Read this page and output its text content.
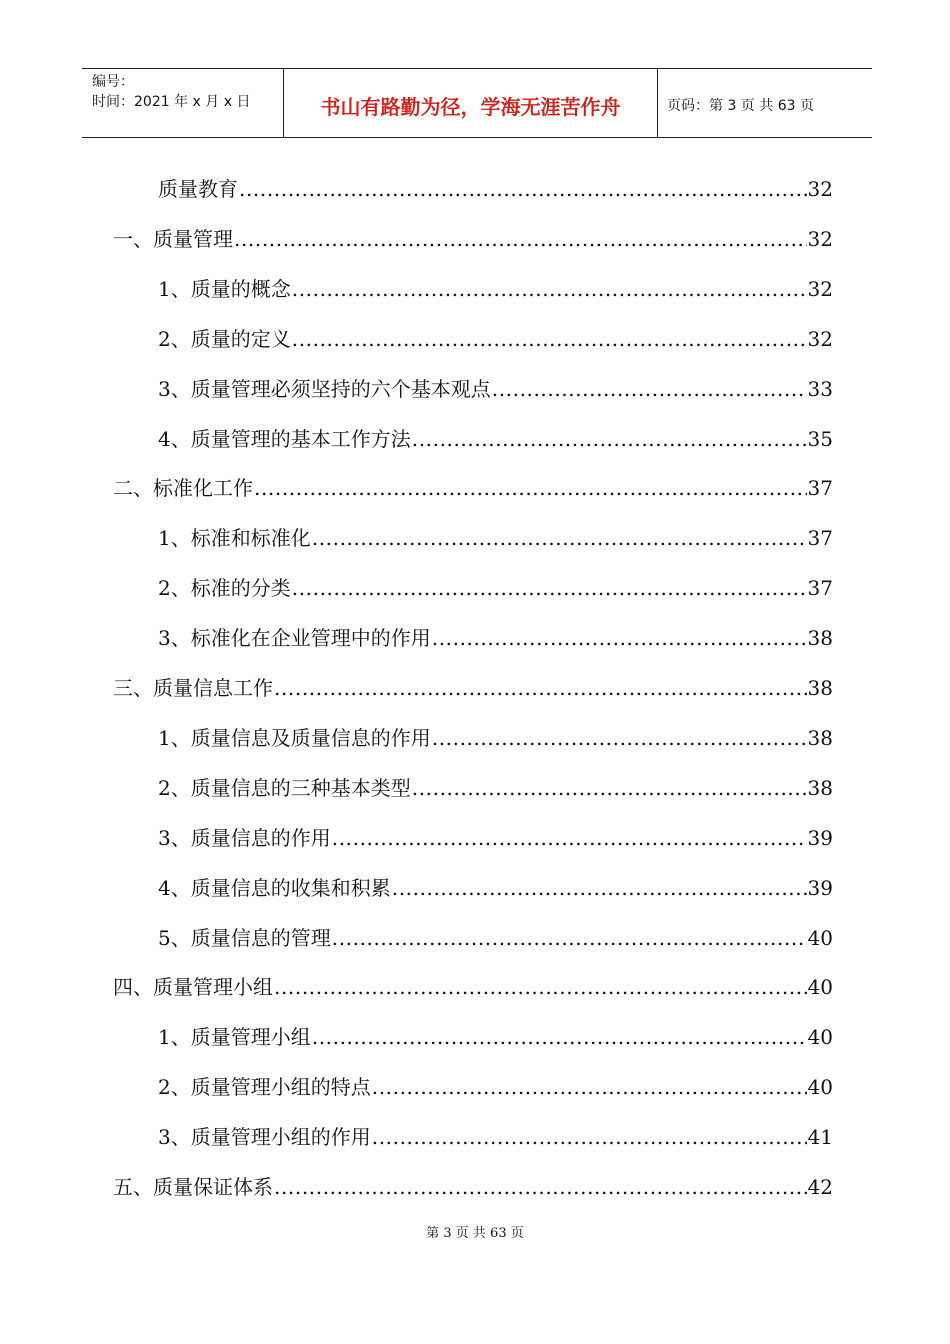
编号：
时间：2021 年 x 月 x 日	书山有路勤为径，学海无涯苦作舟	页码：第 3 页 共 63 页
质量教育 .....	32
一、质量管理 .....	32
1、质量的概念 .....	32
2、质量的定义 .....	32
3、质量管理必须坚持的六个基本观点 .....	33
4、质量管理的基本工作方法 .....	35
二、标准化工作 .....	37
1、标准和标准化 .....	37
2、标准的分类 .....	37
3、标准化在企业管理中的作用 .....	38
三、质量信息工作 .....	38
1、质量信息及质量信息的作用 .....	38
2、质量信息的三种基本类型 .....	38
3、质量信息的作用 .....	39
4、质量信息的收集和积累 .....	39
5、质量信息的管理 .....	40
四、质量管理小组 .....	40
1、质量管理小组 .....	40
2、质量管理小组的特点 .....	40
3、质量管理小组的作用 .....	41
五、质量保证体系 .....	42
第 3 页 共 63 页
